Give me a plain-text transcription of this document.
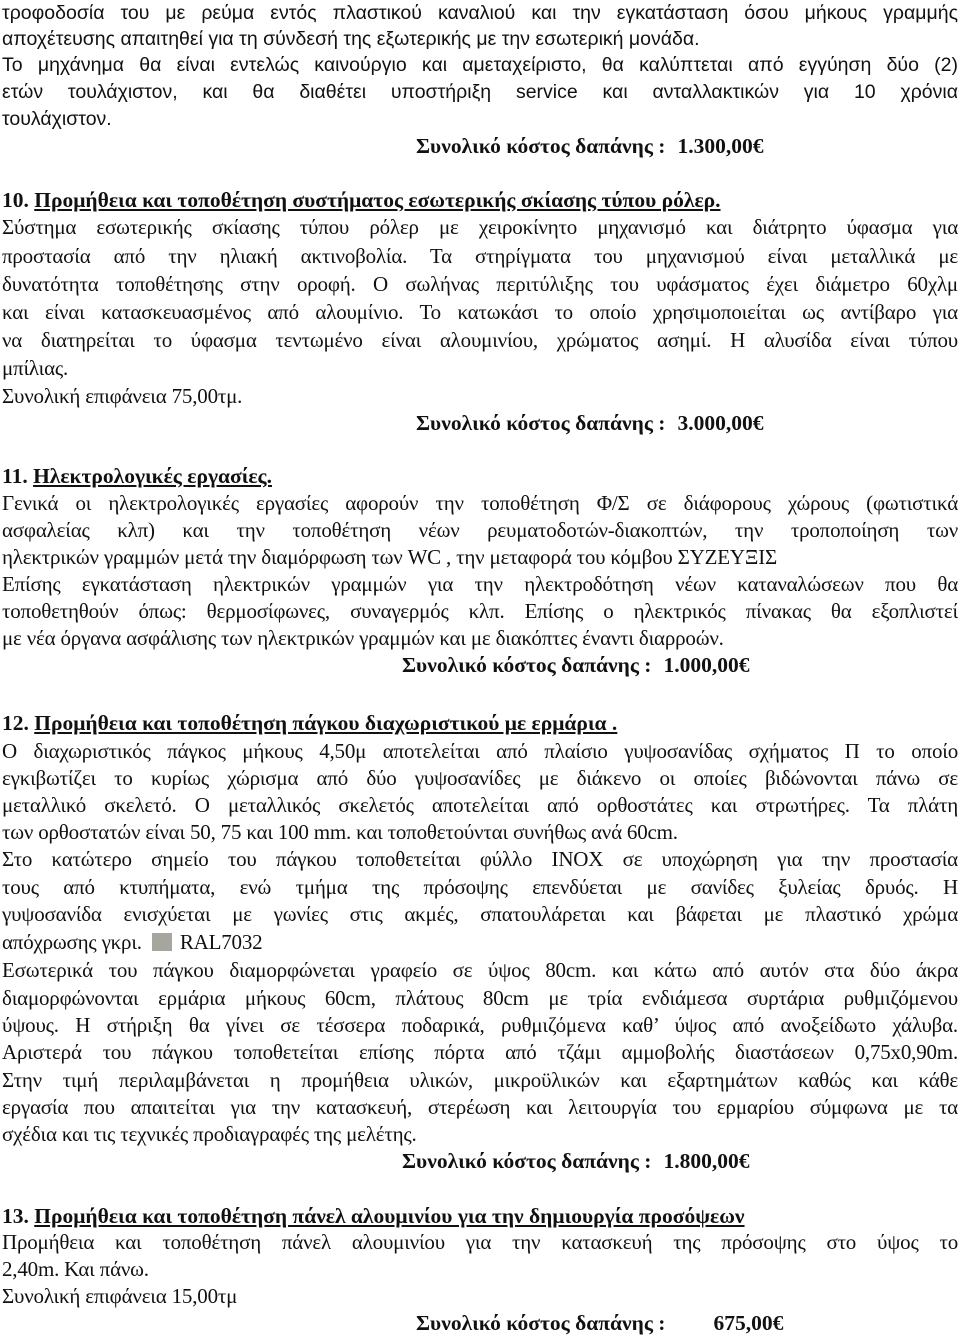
τροφοδοσία του με ρεύμα εντός πλαστικού καναλιού και την εγκατάσταση όσου μήκους γραμμής
αποχέτευσης απαιτηθεί για τη σύνδεσή της εξωτερικής με την εσωτερική μονάδα.
Το μηχάνημα θα είναι εντελώς καινούργιο και αμεταχείριστο, θα καλύπτεται από εγγύηση δύο (2)
ετών τουλάχιστον, και θα διαθέτει υποστήριξη service και ανταλλακτικών για 10 χρόνια
τουλάχιστον.
Συνολικό κόστος δαπάνης : 1.300,00€
10. Προμήθεια και τοποθέτηση συστήματος εσωτερικής σκίασης τύπου ρόλερ.
Σύστημα εσωτερικής σκίασης τύπου ρόλερ με χειροκίνητο μηχανισμό και διάτρητο ύφασμα για
προστασία από την ηλιακή ακτινοβολία. Τα στηρίγματα του μηχανισμού είναι μεταλλικά με
δυνατότητα τοποθέτησης στην οροφή. Ο σωλήνας περιτύλιξης του υφάσματος έχει διάμετρο 60χλμ
και είναι κατασκευασμένος από αλουμίνιο. Το κατωκάσι το οποίο χρησιμοποιείται ως αντίβαρο για
να διατηρείται το ύφασμα τεντωμένο είναι αλουμινίου, χρώματος ασημί. Η αλυσίδα είναι τύπου
μπίλιας.
Συνολική επιφάνεια 75,00τμ.
Συνολικό κόστος δαπάνης : 3.000,00€
11. Ηλεκτρολογικές εργασίες.
Γενικά οι ηλεκτρολογικές εργασίες αφορούν την τοποθέτηση Φ/Σ σε διάφορους χώρους (φωτιστικά
ασφαλείας κλπ) και την τοποθέτηση νέων ρευματοδοτών-διακοπτών, την τροποποίηση των
ηλεκτρικών γραμμών μετά την διαμόρφωση των WC , την μεταφορά του κόμβου ΣΥΖΕΥΞΙΣ
Επίσης εγκατάσταση ηλεκτρικών γραμμών για την ηλεκτροδότηση νέων καταναλώσεων που θα
τοποθετηθούν όπως: θερμοσίφωνες, συναγερμός κλπ. Επίσης ο ηλεκτρικός πίνακας θα εξοπλιστεί
με νέα όργανα ασφάλισης των ηλεκτρικών γραμμών και με διακόπτες έναντι διαρροών.
Συνολικό κόστος δαπάνης : 1.000,00€
12. Προμήθεια και τοποθέτηση πάγκου διαχωριστικού με ερμάρια .
Ο διαχωριστικός πάγκος μήκους 4,50μ αποτελείται από πλαίσιο γυψοσανίδας σχήματος Π το οποίο
εγκιβωτίζει το κυρίως χώρισμα από δύο γυψοσανίδες με διάκενο οι οποίες βιδώνονται πάνω σε
μεταλλικό σκελετό. Ο μεταλλικός σκελετός αποτελείται από ορθοστάτες και στρωτήρες. Τα πλάτη
των ορθοστατών είναι 50, 75 και 100 mm. και τοποθετούνται συνήθως ανά 60cm.
Στο κατώτερο σημείο του πάγκου τοποθετείται φύλλο INOX σε υποχώρηση για την προστασία
τους από κτυπήματα, ενώ τμήμα της πρόσοψης επενδύεται με σανίδες ξυλείας δρυός. Η
γυψοσανίδα ενισχύεται με γωνίες στις ακμές, σπατουλάρεται και βάφεται με πλαστικό χρώμα
απόχρωσης γκρι. RAL7032
Εσωτερικά του πάγκου διαμορφώνεται γραφείο σε ύψος 80cm. και κάτω από αυτόν στα δύο άκρα
διαμορφώνονται ερμάρια μήκους 60cm, πλάτους 80cm με τρία ενδιάμεσα συρτάρια ρυθμιζόμενου
ύψους. Η στήριξη θα γίνει σε τέσσερα ποδαρικά, ρυθμιζόμενα καθ’ ύψος από ανοξείδωτο χάλυβα.
Αριστερά του πάγκου τοποθετείται επίσης πόρτα από τζάμι αμμοβολής διαστάσεων 0,75x0,90m.
Στην τιμή περιλαμβάνεται η προμήθεια υλικών, μικροϋλικών και εξαρτημάτων καθώς και κάθε
εργασία που απαιτείται για την κατασκευή, στερέωση και λειτουργία του ερμαρίου σύμφωνα με τα
σχέδια και τις τεχνικές προδιαγραφές της μελέτης.
Συνολικό κόστος δαπάνης : 1.800,00€
13. Προμήθεια και τοποθέτηση πάνελ αλουμινίου για την δημιουργία προσόψεων
Προμήθεια και τοποθέτηση πάνελ αλουμινίου για την κατασκευή της πρόσοψης στο ύψος το
2,40m. Και πάνω.
Συνολική επιφάνεια 15,00τμ
Συνολικό κόστος δαπάνης : 675,00€
